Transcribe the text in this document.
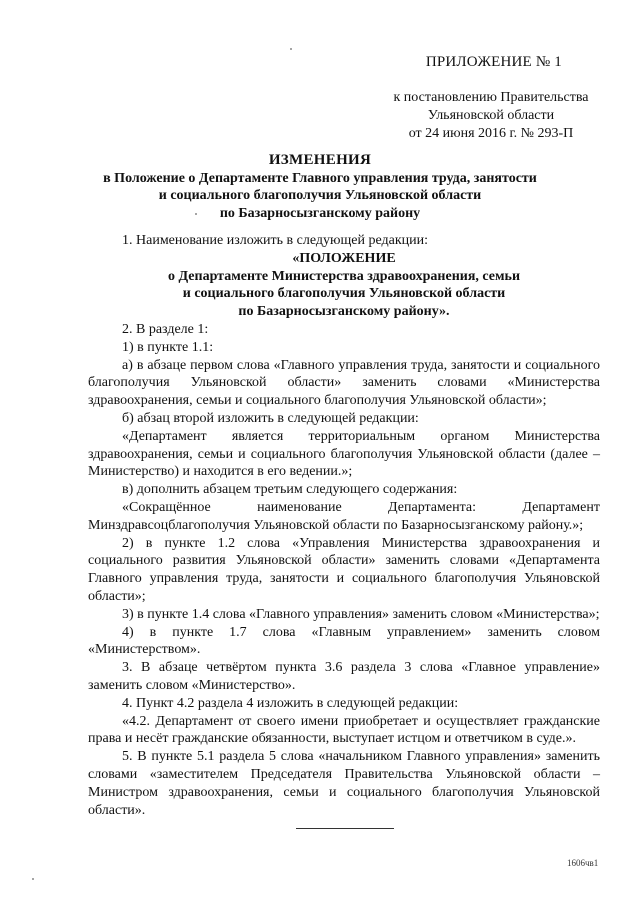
ПРИЛОЖЕНИЕ № 1
к постановлению Правительства
Ульяновской области
от 24 июня 2016 г. № 293-П
ИЗМЕНЕНИЯ
в Положение о Департаменте Главного управления труда, занятости
и социального благополучия Ульяновской области
по Базарносызганскому району

1. Наименование изложить в следующей редакции:

«ПОЛОЖЕНИЕ
о Департаменте Министерства здравоохранения, семьи
и социального благополучия Ульяновской области
по Базарносызганскому району».

2. В разделе 1:

1) в пункте 1.1:

а) в абзаце первом слова «Главного управления труда, занятости и социального благополучия Ульяновской области» заменить словами «Министерства здравоохранения, семьи и социального благополучия Ульяновской области»;

б) абзац второй изложить в следующей редакции:

«Департамент является территориальным органом Министерства здравоохранения, семьи и социального благополучия Ульяновской области (далее – Министерство) и находится в его ведении.»;

в) дополнить абзацем третьим следующего содержания:

«Сокращённое наименование Департамента: Департамент Минздравсоцблагополучия Ульяновской области по Базарносызганскому району.»;

2) в пункте 1.2 слова «Управления Министерства здравоохранения и социального развития Ульяновской области» заменить словами «Департамента Главного управления труда, занятости и социального благополучия Ульяновской области»;

3) в пункте 1.4 слова «Главного управления» заменить словом «Министерства»;

4) в пункте 1.7 слова «Главным управлением» заменить словом «Министерством».

3. В абзаце четвёртом пункта 3.6 раздела 3 слова «Главное управление» заменить словом «Министерство».

4. Пункт 4.2 раздела 4 изложить в следующей редакции:

«4.2. Департамент от своего имени приобретает и осуществляет гражданские права и несёт гражданские обязанности, выступает истцом и ответчиком в суде.».

5. В пункте 5.1 раздела 5 слова «начальником Главного управления» заменить словами «заместителем Председателя Правительства Ульяновской области – Министром здравоохранения, семьи и социального благополучия Ульяновской области».

1606чв1
